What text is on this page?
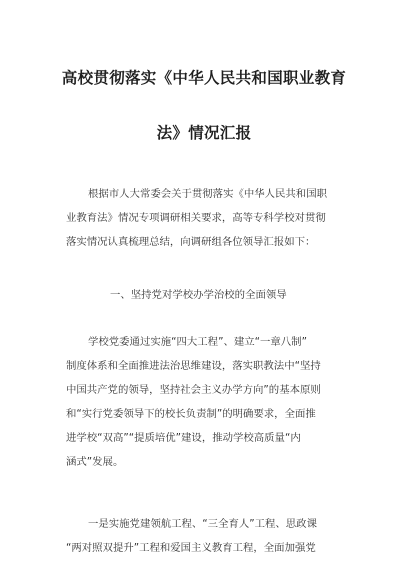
高校贯彻落实《中华人民共和国职业教育
法》情况汇报
根据市人大常委会关于贯彻落实《中华人民共和国职
业教育法》情况专项调研相关要求，高等专科学校对贯彻
落实情况认真梳理总结，向调研组各位领导汇报如下：
一、坚持党对学校办学治校的全面领导
学校党委通过实施“四大工程”、建立“一章八制”
制度体系和全面推进法治思维建设，落实职教法中“坚持
中国共产党的领导，坚持社会主义办学方向”的基本原则
和“实行党委领导下的校长负责制”的明确要求，全面推
进学校“双高”“提质培优”建设，推动学校高质量“内
涵式”发展。
一是实施党建领航工程、“三全育人”工程、思政课
“两对照双提升”工程和爱国主义教育工程，全面加强党
